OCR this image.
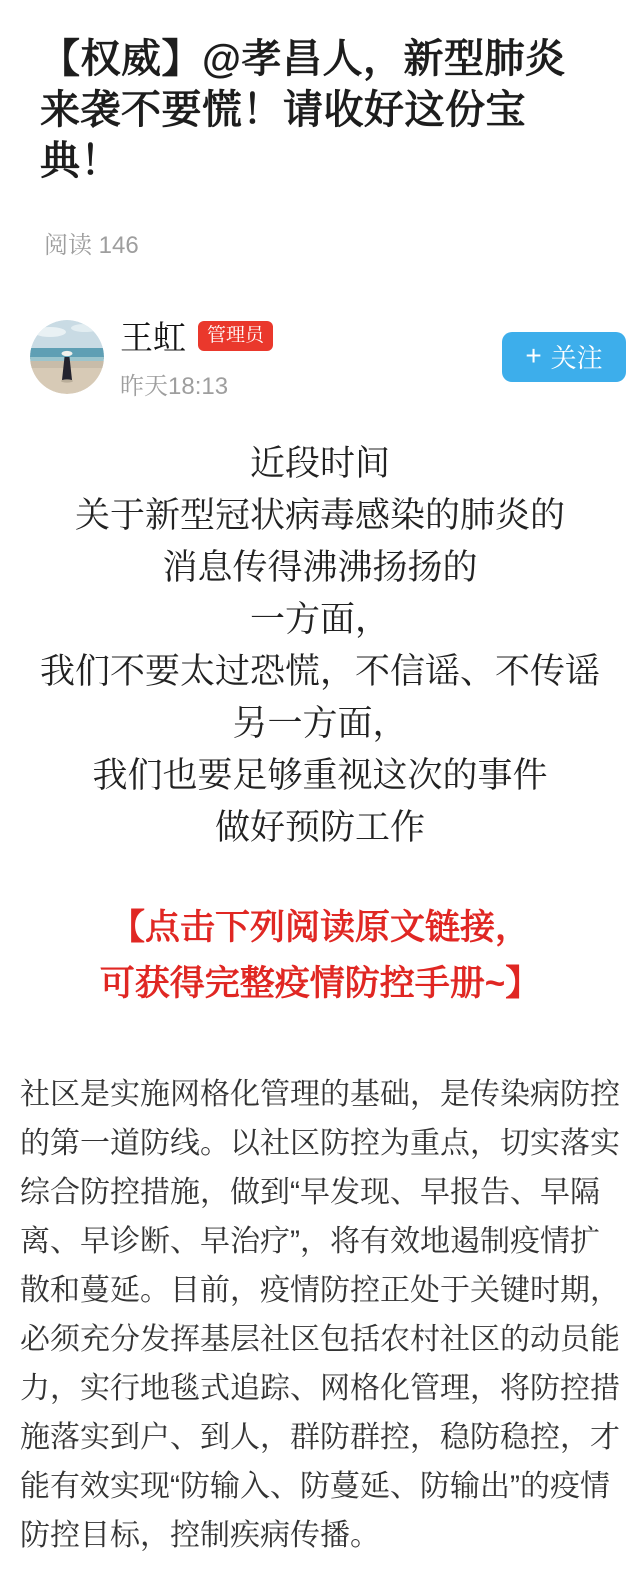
【权威】@孝昌人，新型肺炎来袭不要慌！请收好这份宝典！
阅读 146
王虹	管理员
昨天18:13
+ 关注
近段时间
关于新型冠状病毒感染的肺炎的
消息传得沸沸扬扬的
一方面，
我们不要太过恐慌，不信谣、不传谣
另一方面，
我们也要足够重视这次的事件
做好预防工作
【点击下列阅读原文链接，
可获得完整疫情防控手册~】
社区是实施网格化管理的基础，是传染病防控的第一道防线。以社区防控为重点，切实落实综合防控措施，做到“早发现、早报告、早隔离、早诊断、早治疗”，将有效地遏制疫情扩散和蔓延。目前，疫情防控正处于关键时期，必须充分发挥基层社区包括农村社区的动员能力，实行地毯式追踪、网格化管理，将防控措施落实到户、到人，群防群控，稳防稳控，才能有效实现“防输入、防蔓延、防输出”的疫情防控目标，控制疾病传播。
